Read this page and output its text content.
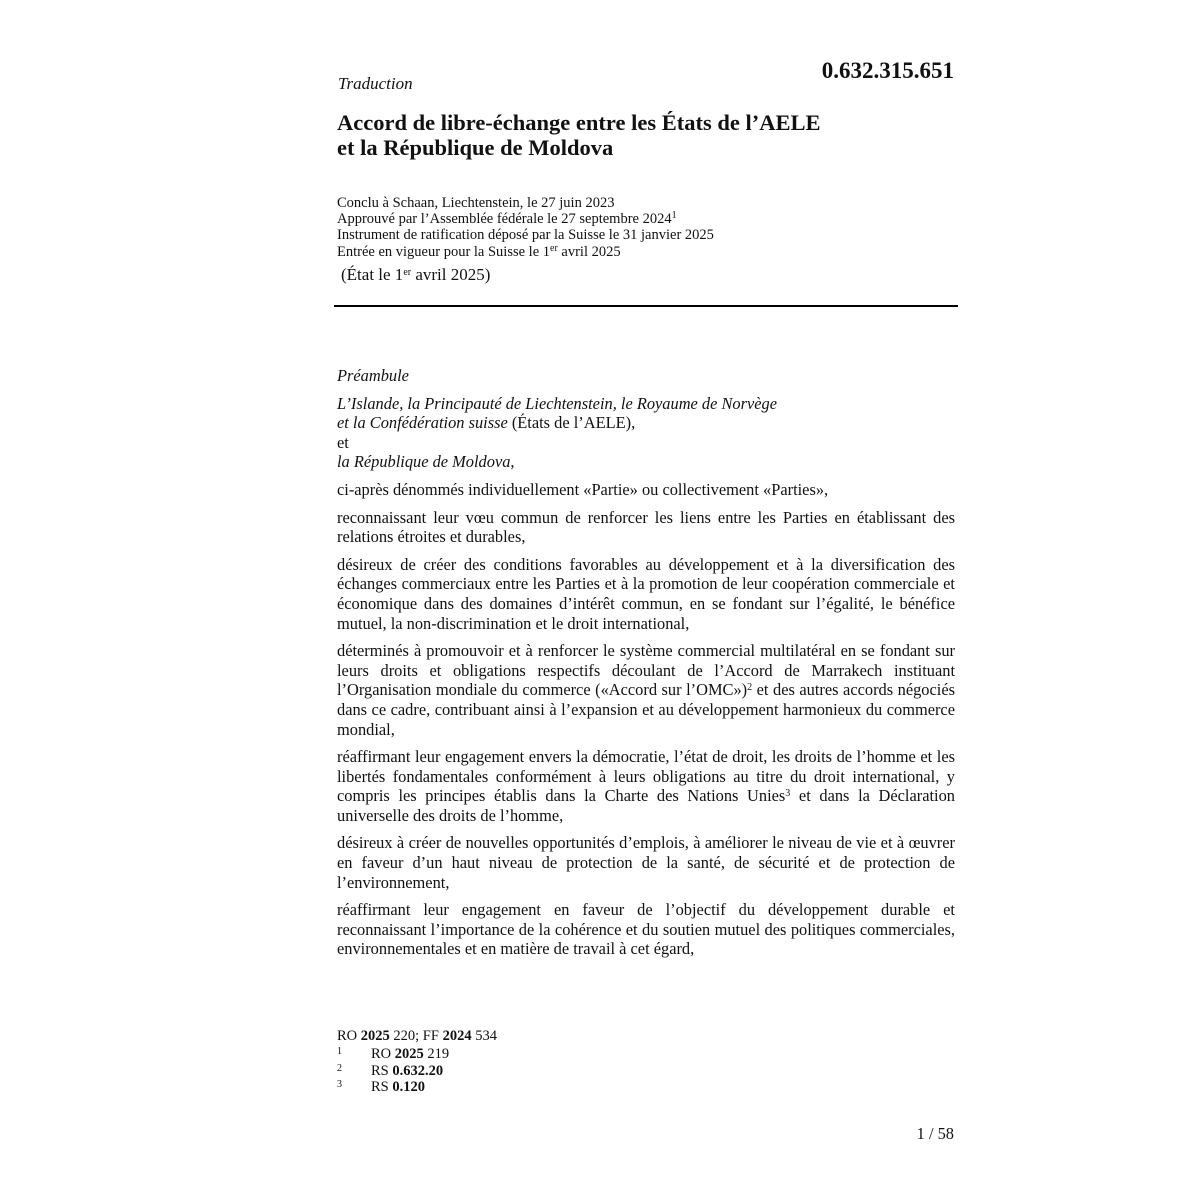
0.632.315.651
Traduction
Accord de libre-échange entre les États de l’AELE
et la République de Moldova
Conclu à Schaan, Liechtenstein, le 27 juin 2023
Approuvé par l’Assemblée fédérale le 27 septembre 2024$^1$
Instrument de ratification déposé par la Suisse le 31 janvier 2025
Entrée en vigueur pour la Suisse le 1er avril 2025
(État le 1er avril 2025)

Préambule

L’Islande, la Principauté de Liechtenstein, le Royaume de Norvège

et la Confédération suisse (États de l’AELE),

et

la République de Moldova,

ci-après dénommés individuellement «Partie» ou collectivement «Parties»,

reconnaissant leur vœu commun de renforcer les liens entre les Parties en établissant des relations étroites et durables,

désireux de créer des conditions favorables au développement et à la diversification des échanges commerciaux entre les Parties et à la promotion de leur coopération commerciale et économique dans des domaines d’intérêt commun, en se fondant sur l’égalité, le bénéfice mutuel, la non-discrimination et le droit international,

déterminés à promouvoir et à renforcer le système commercial multilatéral en se fondant sur leurs droits et obligations respectifs découlant de l’Accord de Marrakech instituant l’Organisation mondiale du commerce («Accord sur l’OMC»)$^2$ et des autres accords négociés dans ce cadre, contribuant ainsi à l’expansion et au développement harmonieux du commerce mondial,

réaffirmant leur engagement envers la démocratie, l’état de droit, les droits de l’homme et les libertés fondamentales conformément à leurs obligations au titre du droit international, y compris les principes établis dans la Charte des Nations Unies$^3$ et dans la Déclaration universelle des droits de l’homme,

désireux à créer de nouvelles opportunités d’emplois, à améliorer le niveau de vie et à œuvrer en faveur d’un haut niveau de protection de la santé, de sécurité et de protection de l’environnement,

réaffirmant leur engagement en faveur de l’objectif du développement durable et reconnaissant l’importance de la cohérence et du soutien mutuel des politiques commerciales, environnementales et en matière de travail à cet égard,

RO 2025 220; FF 2024 534
1	RO 2025 219
2	RS 0.632.20
3	RS 0.120
1 / 58
